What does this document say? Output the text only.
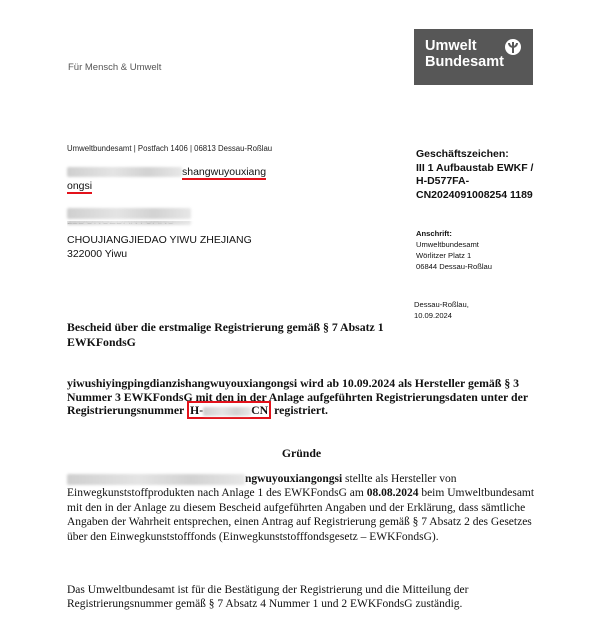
Für Mensch & Umwelt
Umwelt
Bundesamt
Umweltbundesamt | Postfach 1406 | 06813 Dessau-Roßlau
shangwuyouxiang
ongsi
CHOUJIANGJIEDAO YIWU ZHEJIANG
322000 Yiwu
Geschäftszeichen:
III 1 Aufbaustab EWKF / H-D577FA-CN2024091008254 1189
Anschrift:
Umweltbundesamt
Wörlitzer Platz 1
06844 Dessau-Roßlau
Dessau-Roßlau,
10.09.2024
Bescheid über die erstmalige Registrierung gemäß § 7 Absatz 1 EWKFondsG
yiwushiyingpingdianzishangwuyouxiangongsi wird ab 10.09.2024 als Hersteller gemäß § 3 Nummer 3 EWKFondsG mit den in der Anlage aufgeführten Registrierungsdaten unter der Registrierungsnummer H-	CN registriert.
Gründe
ngwuyouxiangongsi stellte als Hersteller von Einwegkunststoffprodukten nach Anlage 1 des EWKFondsG am 08.08.2024 beim Umweltbundesamt mit den in der Anlage zu diesem Bescheid aufgeführten Angaben und der Erklärung, dass sämtliche Angaben der Wahrheit entsprechen, einen Antrag auf Registrierung gemäß § 7 Absatz 2 des Gesetzes über den Einwegkunststofffonds (Einwegkunststofffondsgesetz – EWKFondsG).
Das Umweltbundesamt ist für die Bestätigung der Registrierung und die Mitteilung der Registrierungsnummer gemäß § 7 Absatz 4 Nummer 1 und 2 EWKFondsG zuständig.
